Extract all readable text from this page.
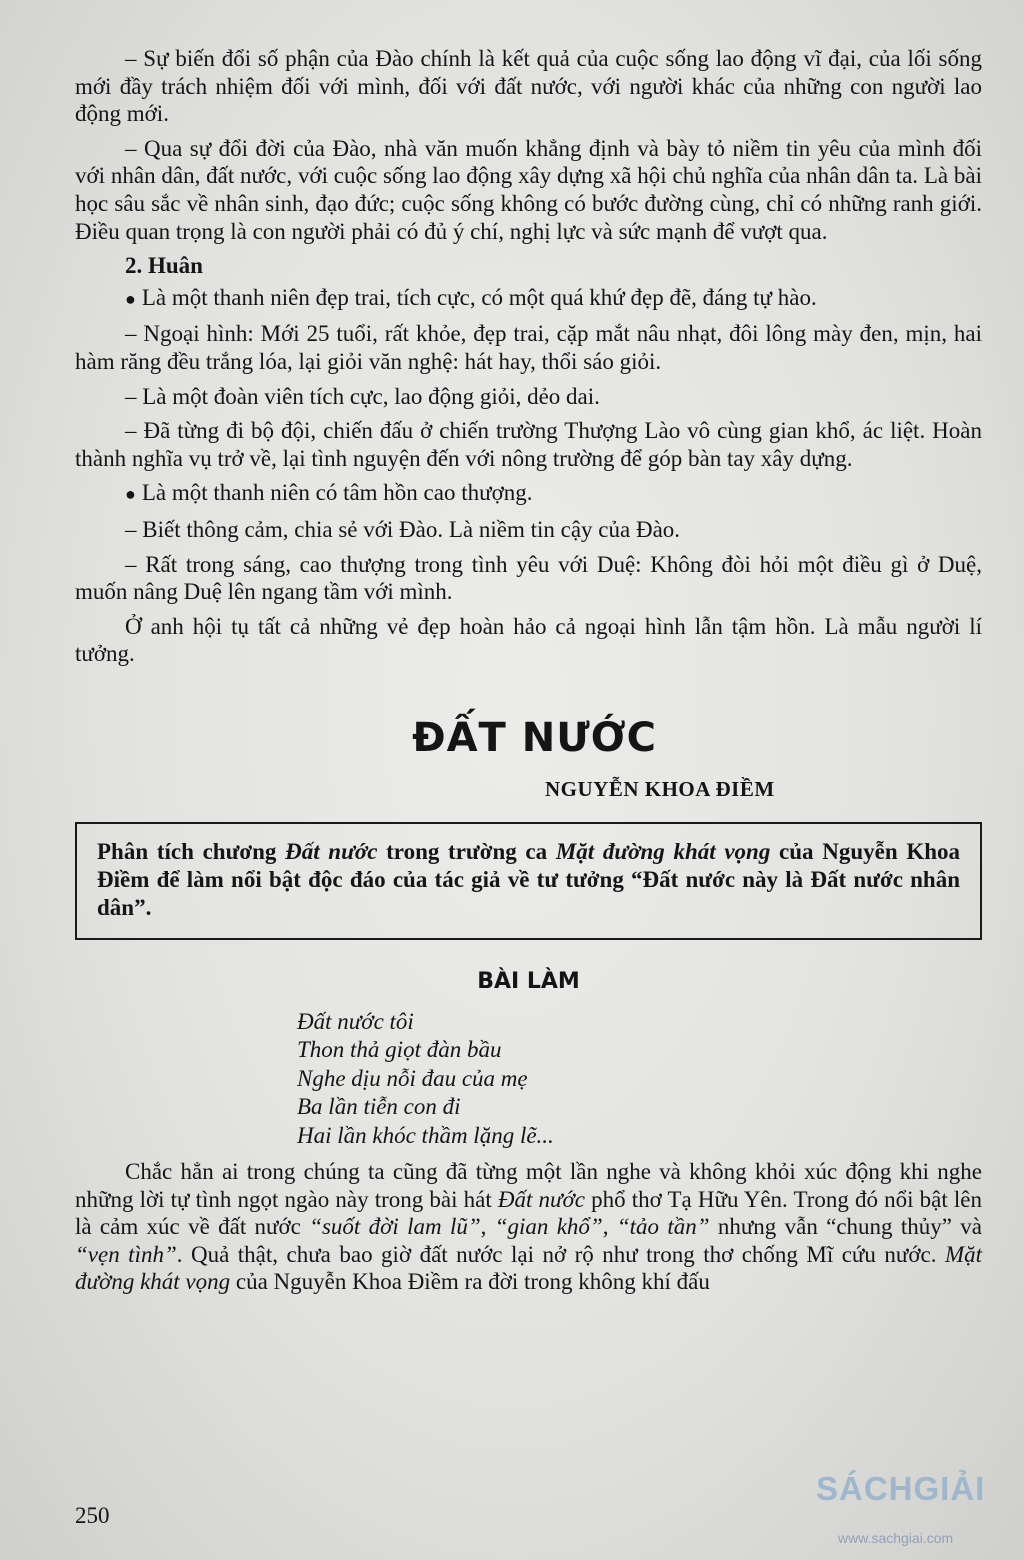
– Sự biến đổi số phận của Đào chính là kết quả của cuộc sống lao động vĩ đại, của lối sống mới đầy trách nhiệm đối với mình, đối với đất nước, với người khác của những con người lao động mới.

– Qua sự đổi đời của Đào, nhà văn muốn khẳng định và bày tỏ niềm tin yêu của mình đối với nhân dân, đất nước, với cuộc sống lao động xây dựng xã hội chủ nghĩa của nhân dân ta. Là bài học sâu sắc về nhân sinh, đạo đức; cuộc sống không có bước đường cùng, chỉ có những ranh giới. Điều quan trọng là con người phải có đủ ý chí, nghị lực và sức mạnh để vượt qua.

2. Huân

● Là một thanh niên đẹp trai, tích cực, có một quá khứ đẹp đẽ, đáng tự hào.

– Ngoại hình: Mới 25 tuổi, rất khỏe, đẹp trai, cặp mắt nâu nhạt, đôi lông mày đen, mịn, hai hàm răng đều trắng lóa, lại giỏi văn nghệ: hát hay, thổi sáo giỏi.

– Là một đoàn viên tích cực, lao động giỏi, dẻo dai.

– Đã từng đi bộ đội, chiến đấu ở chiến trường Thượng Lào vô cùng gian khổ, ác liệt. Hoàn thành nghĩa vụ trở về, lại tình nguyện đến với nông trường để góp bàn tay xây dựng.

● Là một thanh niên có tâm hồn cao thượng.

– Biết thông cảm, chia sẻ với Đào. Là niềm tin cậy của Đào.

– Rất trong sáng, cao thượng trong tình yêu với Duệ: Không đòi hỏi một điều gì ở Duệ, muốn nâng Duệ lên ngang tầm với mình.

Ở anh hội tụ tất cả những vẻ đẹp hoàn hảo cả ngoại hình lẫn tậm hồn. Là mẫu người lí tưởng.

ĐẤT NƯỚC
NGUYỄN KHOA ĐIỀM
Phân tích chương Đất nước trong trường ca Mặt đường khát vọng của Nguyễn Khoa Điềm để làm nổi bật độc đáo của tác giả về tư tưởng “Đất nước này là Đất nước nhân dân”.
BÀI LÀM
Đất nước tôi
Thon thả giọt đàn bầu
Nghe dịu nỗi đau của mẹ
Ba lần tiễn con đi
Hai lần khóc thầm lặng lẽ...

Chắc hẳn ai trong chúng ta cũng đã từng một lần nghe và không khỏi xúc động khi nghe những lời tự tình ngọt ngào này trong bài hát Đất nước phổ thơ Tạ Hữu Yên. Trong đó nổi bật lên là cảm xúc về đất nước “suốt đời lam lũ”, “gian khổ”, “tảo tần” nhưng vẫn “chung thủy” và “vẹn tình”. Quả thật, chưa bao giờ đất nước lại nở rộ như trong thơ chống Mĩ cứu nước. Mặt đường khát vọng của Nguyễn Khoa Điềm ra đời trong không khí đấu

250
SÁCHGIẢI
www.sachgiai.com
